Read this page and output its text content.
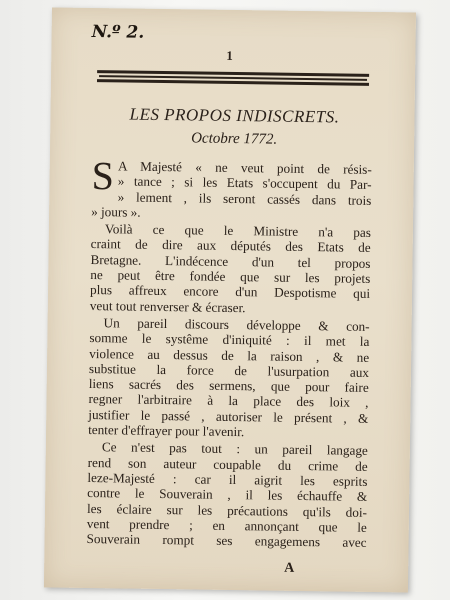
N.º 2.
1
LES PROPOS INDISCRETS.
Octobre 1772.

S A Majesté « ne veut point de résis-
» tance ; si les Etats s'occupent du Par-
» lement , ils seront cassés dans trois
» jours ».

Voilà ce que le Ministre n'a pas
craint de dire aux députés des Etats de
Bretagne. L'indécence d'un tel propos
ne peut être fondée que sur les projets
plus affreux encore d'un Despotisme qui
veut tout renverser & écraser.

Un pareil discours développe & con-
somme le systême d'iniquité : il met la
violence au dessus de la raison , & ne
substitue la force de l'usurpation aux
liens sacrés des sermens, que pour faire
regner l'arbitraire à la place des loix ,
justifier le passé , autoriser le présent , &
tenter d'effrayer pour l'avenir.

Ce n'est pas tout : un pareil langage
rend son auteur coupable du crime de
leze-Majesté : car il aigrit les esprits
contre le Souverain , il les échauffe &
les éclaire sur les précautions qu'ils doi-
vent prendre ; en annonçant que le
Souverain rompt ses engagemens avec

A
